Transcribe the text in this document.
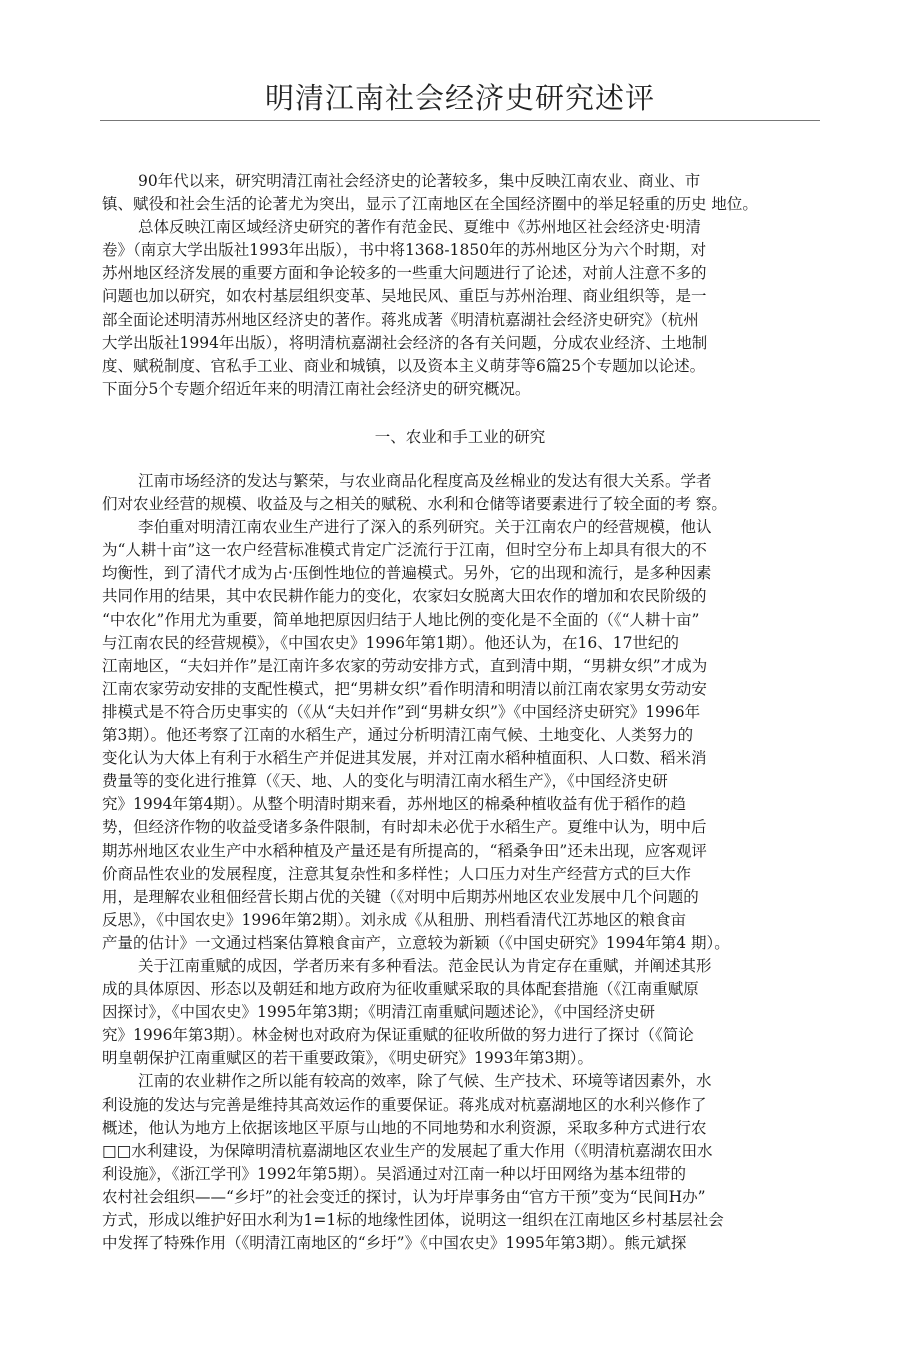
明清江南社会经济史研究述评
90年代以来，研究明清江南社会经济史的论著较多，集中反映江南农业、商业、市
镇、赋役和社会生活的论著尤为突出，显示了江南地区在全国经济圈中的举足轻重的历史 地位。
总体反映江南区域经济史研究的著作有范金民、夏维中《苏州地区社会经济史·明清
卷》（南京大学出版社1993年出版），书中将1368-1850年的苏州地区分为六个时期，对
苏州地区经济发展的重要方面和争论较多的一些重大问题进行了论述，对前人注意不多的
问题也加以研究，如农村基层组织变革、吴地民风、重臣与苏州治理、商业组织等，是一
部全面论述明清苏州地区经济史的著作。蒋兆成著《明清杭嘉湖社会经济史研究》（杭州
大学出版社1994年出版），将明清杭嘉湖社会经济的各有关问题，分成农业经济、土地制
度、赋税制度、官私手工业、商业和城镇，以及资本主义萌芽等6篇25个专题加以论述。
下面分5个专题介绍近年来的明清江南社会经济史的研究概况。
一、农业和手工业的研究
江南市场经济的发达与繁荣，与农业商品化程度高及丝棉业的发达有很大关系。学者
们对农业经营的规模、收益及与之相关的赋税、水利和仓储等诸要素进行了较全面的考 察。
李伯重对明清江南农业生产进行了深入的系列研究。关于江南农户的经营规模，他认
为“人耕十亩”这一农户经营标准模式肯定广泛流行于江南，但时空分布上却具有很大的不
均衡性，到了清代才成为占·压倒性地位的普遍模式。另外，它的出现和流行，是多种因素
共同作用的结果，其中农民耕作能力的变化，农家妇女脱离大田农作的增加和农民阶级的
“中农化”作用尤为重要，简单地把原因归结于人地比例的变化是不全面的（《“人耕十亩”
与江南农民的经营规模》，《中国农史》1996年第1期）。他还认为，在16、17世纪的
江南地区，“夫妇并作”是江南许多农家的劳动安排方式，直到清中期，“男耕女织”才成为
江南农家劳动安排的支配性模式，把“男耕女织”看作明清和明清以前江南农家男女劳动安
排模式是不符合历史事实的（《从“夫妇并作”到“男耕女织”》《中国经济史研究》1996年
第3期）。他还考察了江南的水稻生产，通过分析明清江南气候、土地变化、人类努力的
变化认为大体上有利于水稻生产并促进其发展，并对江南水稻种植面积、人口数、稻米消
费量等的变化进行推算（《天、地、人的变化与明清江南水稻生产》，《中国经济史研
究》1994年第4期）。从整个明清时期来看，苏州地区的棉桑种植收益有优于稻作的趋
势，但经济作物的收益受诸多条件限制，有时却未必优于水稻生产。夏维中认为，明中后
期苏州地区农业生产中水稻种植及产量还是有所提高的，“稻桑争田”还未出现，应客观评
价商品性农业的发展程度，注意其复杂性和多样性；人口压力对生产经营方式的巨大作
用，是理解农业租佃经营长期占优的关键（《对明中后期苏州地区农业发展中几个问题的
反思》，《中国农史》1996年第2期）。刘永成《从租册、刑档看清代江苏地区的粮食亩
产量的估计》一文通过档案估算粮食亩产，立意较为新颖（《中国史研究》1994年第4 期）。
关于江南重赋的成因，学者历来有多种看法。范金民认为肯定存在重赋，并阐述其形
成的具体原因、形态以及朝廷和地方政府为征收重赋采取的具体配套措施（《江南重赋原
因探讨》，《中国农史》1995年第3期；《明清江南重赋问题述论》，《中国经济史研
究》1996年第3期）。林金树也对政府为保证重赋的征收所做的努力进行了探讨（《简论
明皇朝保护江南重赋区的若干重要政策》，《明史研究》1993年第3期）。
江南的农业耕作之所以能有较高的效率，除了气候、生产技术、环境等诸因素外，水
利设施的发达与完善是维持其高效运作的重要保证。蒋兆成对杭嘉湖地区的水利兴修作了
概述，他认为地方上依据该地区平原与山地的不同地势和水利资源，采取多种方式进行农
□□水利建设，为保障明清杭嘉湖地区农业生产的发展起了重大作用（《明清杭嘉湖农田水
利设施》，《浙江学刊》1992年第5期）。吴滔通过对江南一种以圩田网络为基本纽带的
农村社会组织——“乡圩”的社会变迁的探讨，认为圩岸事务由“官方干预”变为“民间H办”
方式，形成以维护好田水利为1=1标的地缘性团体，说明这一组织在江南地区乡村基层社会
中发挥了特殊作用（《明清江南地区的“乡圩”》《中国农史》1995年第3期）。熊元斌探
